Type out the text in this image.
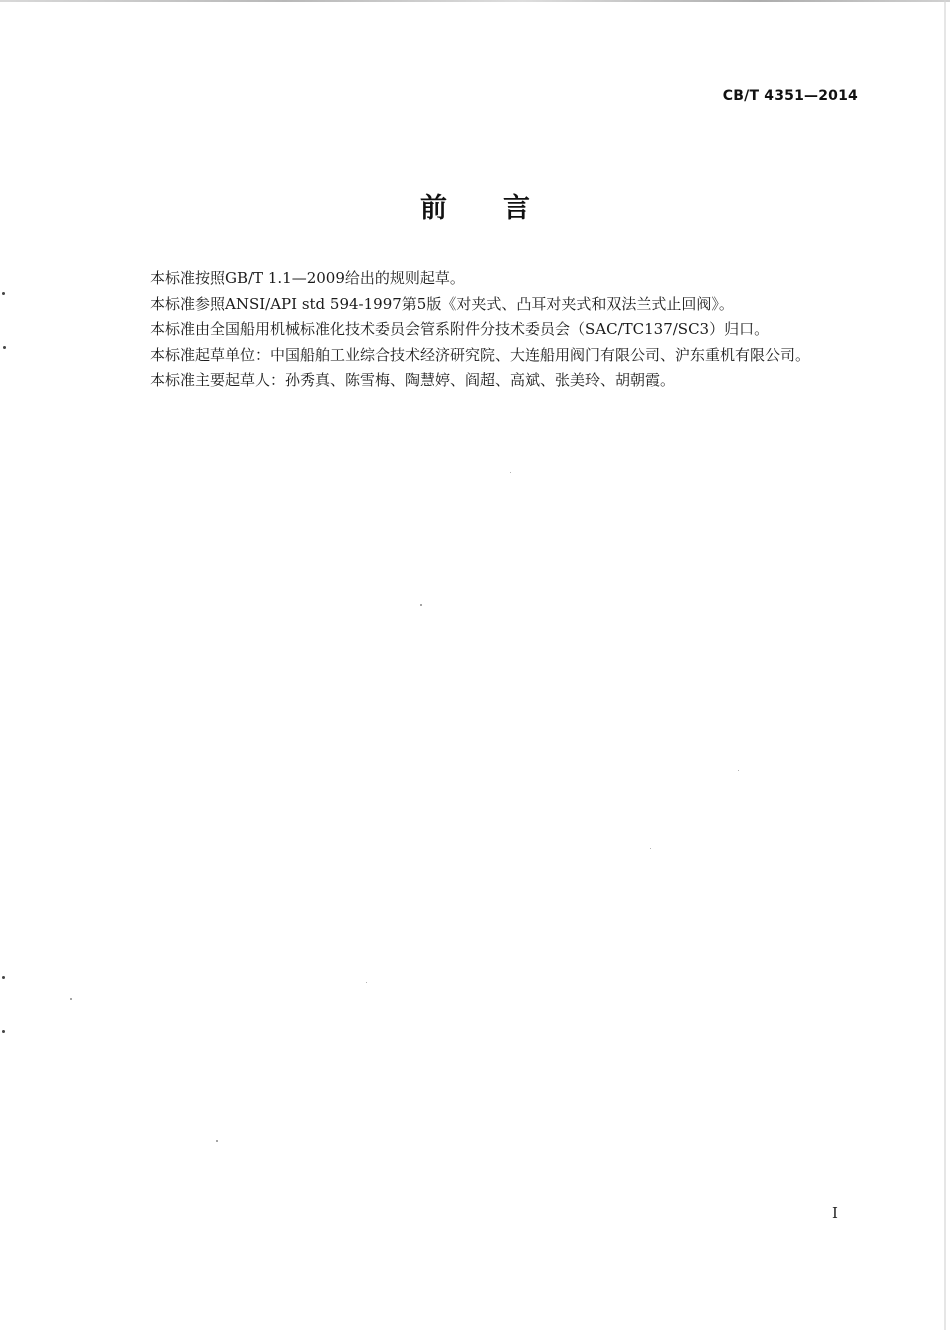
CB/T 4351—2014
前言

本标准按照GB/T 1.1—2009给出的规则起草。

本标准参照ANSI/API std 594-1997第5版《对夹式、凸耳对夹式和双法兰式止回阀》。

本标准由全国船用机械标准化技术委员会管系附件分技术委员会（SAC/TC137/SC3）归口。

本标准起草单位：中国船舶工业综合技术经济研究院、大连船用阀门有限公司、沪东重机有限公司。

本标准主要起草人：孙秀真、陈雪梅、陶慧婷、阎超、高斌、张美玲、胡朝霞。

I
